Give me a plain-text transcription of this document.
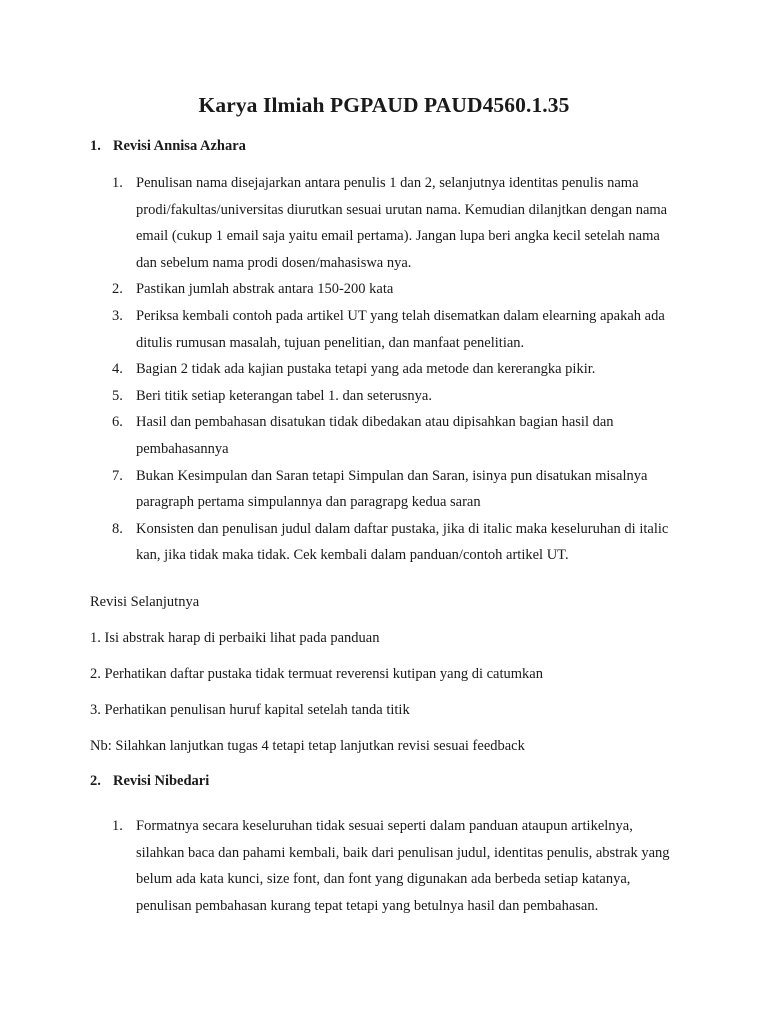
Karya Ilmiah PGPAUD PAUD4560.1.35
1. Revisi Annisa Azhara
1. Penulisan nama disejajarkan antara penulis 1 dan 2, selanjutnya identitas penulis nama prodi/fakultas/universitas diurutkan sesuai urutan nama. Kemudian dilanjtkan dengan nama email (cukup 1 email saja yaitu email pertama). Jangan lupa beri angka kecil setelah nama dan sebelum nama prodi dosen/mahasiswa nya.
2. Pastikan jumlah abstrak antara 150-200 kata
3. Periksa kembali contoh pada artikel UT yang telah disematkan dalam elearning apakah ada ditulis rumusan masalah, tujuan penelitian, dan manfaat penelitian.
4. Bagian 2 tidak ada kajian pustaka tetapi yang ada metode dan kererangka pikir.
5. Beri titik setiap keterangan tabel 1. dan seterusnya.
6. Hasil dan pembahasan disatukan tidak dibedakan atau dipisahkan bagian hasil dan pembahasannya
7. Bukan Kesimpulan dan Saran tetapi Simpulan dan Saran, isinya pun disatukan misalnya paragraph pertama simpulannya dan paragrapg kedua saran
8. Konsisten dan penulisan judul dalam daftar pustaka, jika di italic maka keseluruhan di italic kan, jika tidak maka tidak. Cek kembali dalam panduan/contoh artikel UT.
Revisi Selanjutnya
1. Isi abstrak harap di perbaiki lihat pada panduan
2. Perhatikan daftar pustaka tidak termuat reverensi kutipan yang di catumkan
3. Perhatikan penulisan huruf kapital setelah tanda titik
Nb: Silahkan lanjutkan tugas 4 tetapi tetap lanjutkan revisi sesuai feedback
2. Revisi Nibedari
1. Formatnya secara keseluruhan tidak sesuai seperti dalam panduan ataupun artikelnya, silahkan baca dan pahami kembali, baik dari penulisan judul, identitas penulis, abstrak yang belum ada kata kunci, size font, dan font yang digunakan ada berbeda setiap katanya, penulisan pembahasan kurang tepat tetapi yang betulnya hasil dan pembahasan.
